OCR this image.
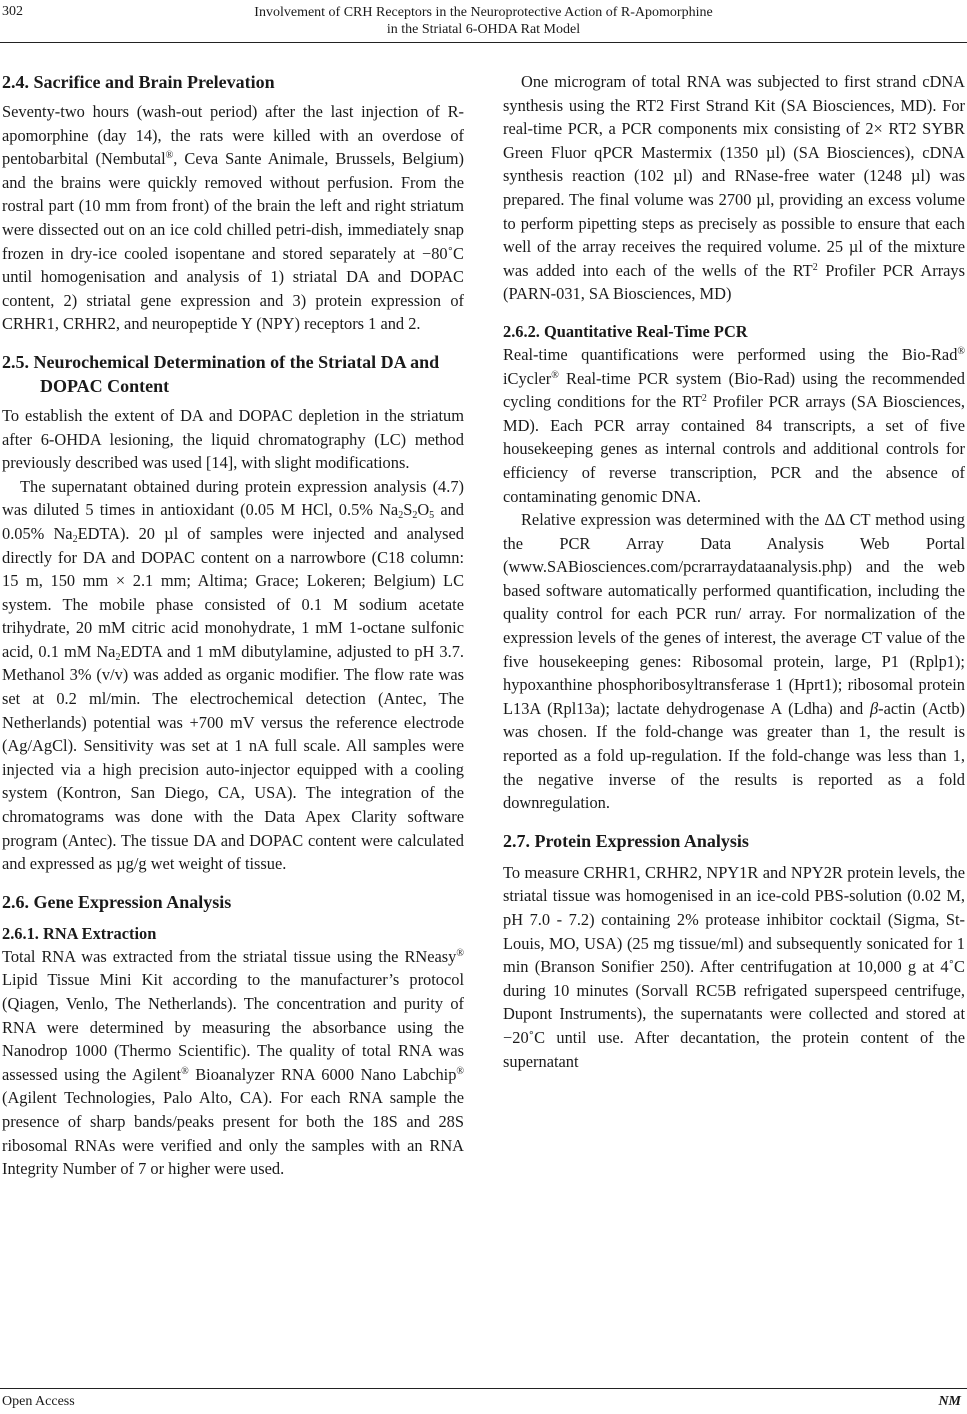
302	Involvement of CRH Receptors in the Neuroprotective Action of R-Apomorphine
in the Striatal 6-OHDA Rat Model
2.4. Sacrifice and Brain Prelevation

Seventy-two hours (wash-out period) after the last injection of R-apomorphine (day 14), the rats were killed with an overdose of pentobarbital (Nembutal®, Ceva Sante Animale, Brussels, Belgium) and the brains were quickly removed without perfusion. From the rostral part (10 mm from front) of the brain the left and right striatum were dissected out on an ice cold chilled petri-dish, immediately snap frozen in dry-ice cooled isopentane and stored separately at −80˚C until homogenisation and analysis of 1) striatal DA and DOPAC content, 2) striatal gene expression and 3) protein expression of CRHR1, CRHR2, and neuropeptide Y (NPY) receptors 1 and 2.

2.5. Neurochemical Determination of the Striatal DA and DOPAC Content

To establish the extent of DA and DOPAC depletion in the striatum after 6-OHDA lesioning, the liquid chromatography (LC) method previously described was used [14], with slight modifications.

The supernatant obtained during protein expression analysis (4.7) was diluted 5 times in antioxidant (0.05 M HCl, 0.5% $Na_2S_2O_5$ and 0.05% $Na_2EDTA$). 20 µl of samples were injected and analysed directly for DA and DOPAC content on a narrowbore (C18 column: 15 m, 150 mm × 2.1 mm; Altima; Grace; Lokeren; Belgium) LC system. The mobile phase consisted of 0.1 M sodium acetate trihydrate, 20 mM citric acid monohydrate, 1 mM 1-octane sulfonic acid, 0.1 mM $Na_2EDTA$ and 1 mM dibutylamine, adjusted to pH 3.7. Methanol 3% (v/v) was added as organic modifier. The flow rate was set at 0.2 ml/min. The electrochemical detection (Antec, The Netherlands) potential was +700 mV versus the reference electrode (Ag/AgCl). Sensitivity was set at 1 nA full scale. All samples were injected via a high precision auto-injector equipped with a cooling system (Kontron, San Diego, CA, USA). The integration of the chromatograms was done with the Data Apex Clarity software program (Antec). The tissue DA and DOPAC content were calculated and expressed as µg/g wet weight of tissue.

2.6. Gene Expression Analysis
2.6.1. RNA Extraction

Total RNA was extracted from the striatal tissue using the RNeasy® Lipid Tissue Mini Kit according to the manufacturer’s protocol (Qiagen, Venlo, The Netherlands). The concentration and purity of RNA were determined by measuring the absorbance using the Nanodrop 1000 (Thermo Scientific). The quality of total RNA was assessed using the Agilent® Bioanalyzer RNA 6000 Nano Labchip® (Agilent Technologies, Palo Alto, CA). For each RNA sample the presence of sharp bands/peaks present for both the 18S and 28S ribosomal RNAs were verified and only the samples with an RNA Integrity Number of 7 or higher were used.

One microgram of total RNA was subjected to first strand cDNA synthesis using the RT2 First Strand Kit (SA Biosciences, MD). For real-time PCR, a PCR components mix consisting of 2× RT2 SYBR Green Fluor qPCR Mastermix (1350 µl) (SA Biosciences), cDNA synthesis reaction (102 µl) and RNase-free water (1248 µl) was prepared. The final volume was 2700 µl, providing an excess volume to perform pipetting steps as precisely as possible to ensure that each well of the array receives the required volume. 25 µl of the mixture was added into each of the wells of the $RT^2$ Profiler PCR Arrays (PARN-031, SA Biosciences, MD)

2.6.2. Quantitative Real-Time PCR

Real-time quantifications were performed using the Bio-Rad® iCycler® Real-time PCR system (Bio-Rad) using the recommended cycling conditions for the $RT^2$ Profiler PCR arrays (SA Biosciences, MD). Each PCR array contained 84 transcripts, a set of five housekeeping genes as internal controls and additional controls for efficiency of reverse transcription, PCR and the absence of contaminating genomic DNA.

Relative expression was determined with the ΔΔ CT method using the PCR Array Data Analysis Web Portal (www.SABiosciences.com/pcrarraydataanalysis.php) and the web based software automatically performed quantification, including the quality control for each PCR run/ array. For normalization of the expression levels of the genes of interest, the average CT value of the five housekeeping genes: Ribosomal protein, large, P1 (Rplp1); hypoxanthine phosphoribosyltransferase 1 (Hprt1); ribosomal protein L13A (Rpl13a); lactate dehydrogenase A (Ldha) and β-actin (Actb) was chosen. If the fold-change was greater than 1, the result is reported as a fold up-regulation. If the fold-change was less than 1, the negative inverse of the results is reported as a fold downregulation.

2.7. Protein Expression Analysis

To measure CRHR1, CRHR2, NPY1R and NPY2R protein levels, the striatal tissue was homogenised in an ice-cold PBS-solution (0.02 M, pH 7.0 - 7.2) containing 2% protease inhibitor cocktail (Sigma, St-Louis, MO, USA) (25 mg tissue/ml) and subsequently sonicated for 1 min (Branson Sonifier 250). After centrifugation at 10,000 g at 4˚C during 10 minutes (Sorvall RC5B refrigated superspeed centrifuge, Dupont Instruments), the supernatants were collected and stored at −20˚C until use. After decantation, the protein content of the supernatant

Open Access	NM
